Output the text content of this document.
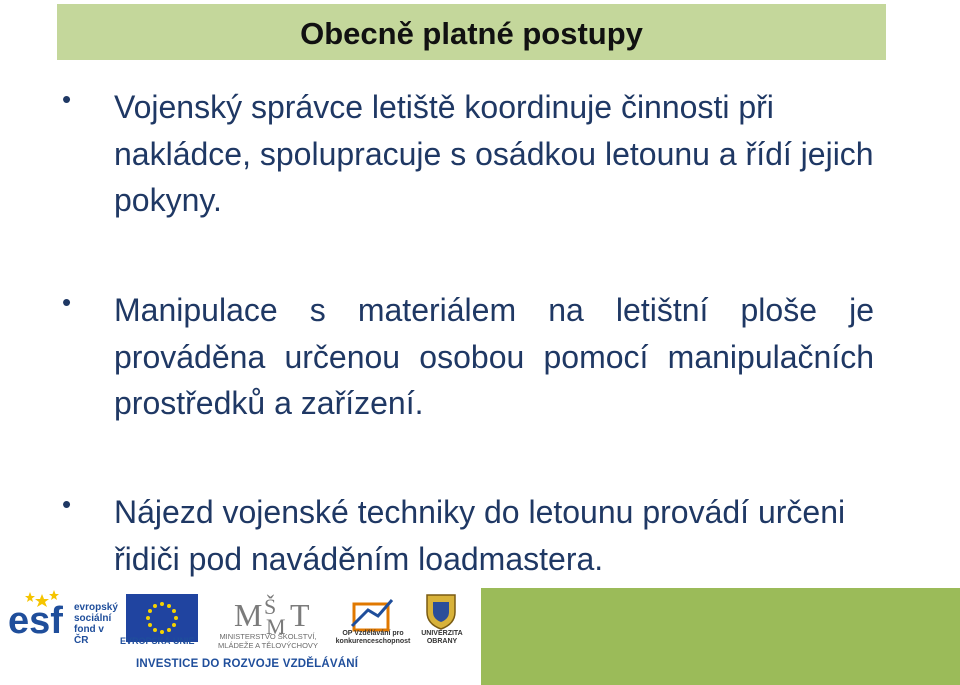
Obecně platné postupy
• Vojenský správce letiště koordinuje činnosti při nakládce, spolupracuje s osádkou letounu a řídí jejich pokyny.
• Manipulace s materiálem na letištní ploše je prováděna určenou osobou pomocí manipulačních prostředků a zařízení.
• Nájezd vojenské techniky do letounu provádí určeni řidiči pod naváděním loadmastera.
esf evropský sociální fond v ČR	EVROPSKÁ UNIE
M Š
M T
MINISTERSTVO ŠKOLSTVÍ, MLÁDEŽE A TĚLOVÝCHOVY
OP Vzdělávání pro konkurenceschopnost
UNIVERZITA OBRANY
INVESTICE DO ROZVOJE VZDĚLÁVÁNÍ
